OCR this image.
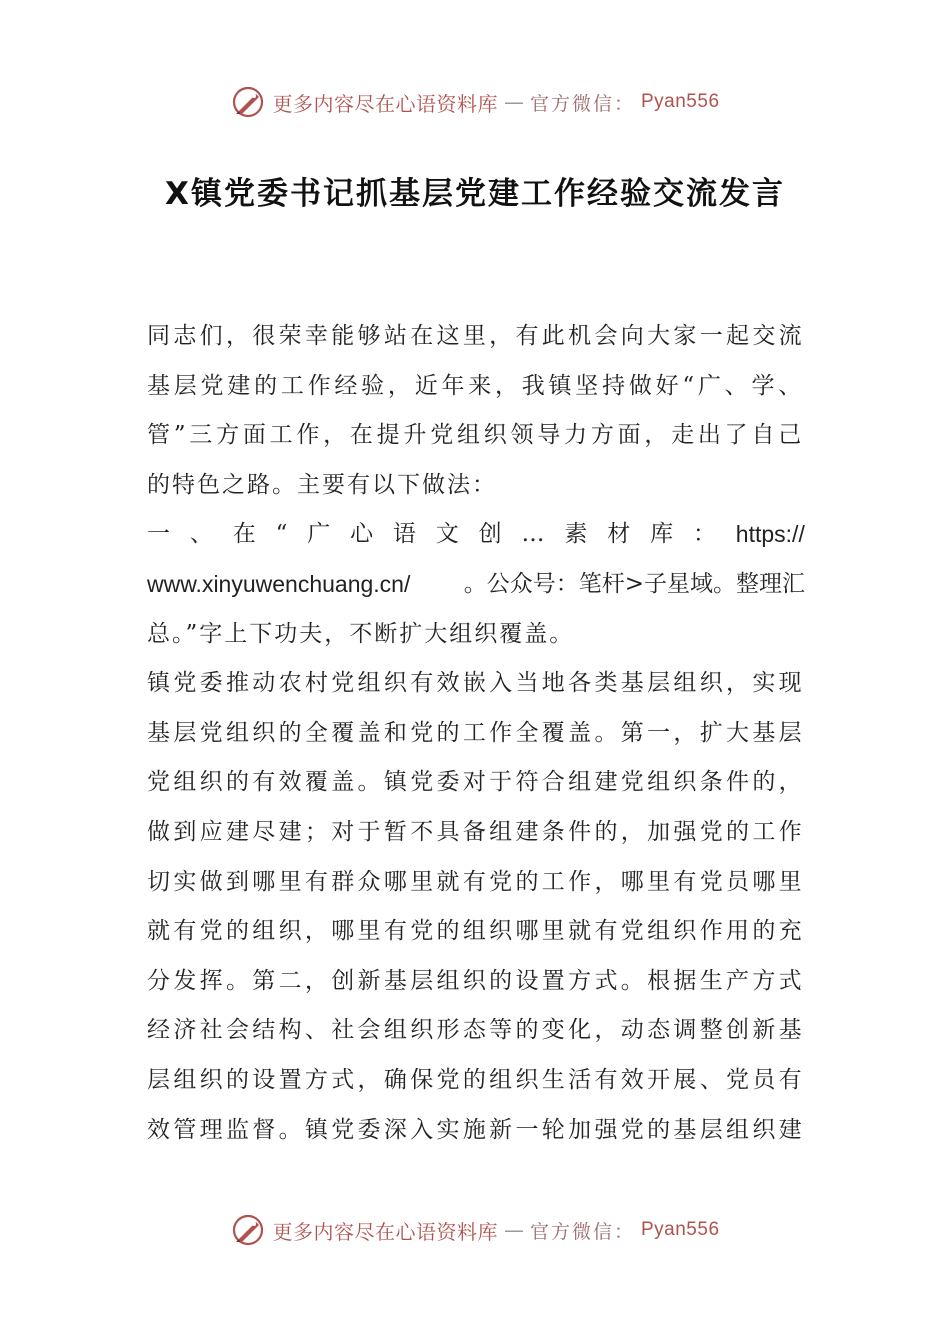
更多内容尽在心语资料库 — 官方微信： Pyan556
X镇党委书记抓基层党建工作经验交流发言
同志们，很荣幸能够站在这里，有此机会向大家一起交流
基层党建的工作经验，近年来，我镇坚持做好“广、学、
管”三方面工作，在提升党组织领导力方面，走出了自己
的特色之路。主要有以下做法：
一 、 在 “ 广 心 语 文 创 … 素 材 库 ： https://
www.xinyuwenchuang.cn/ 。公众号：笔杆>子星域。整理汇
总。”字上下功夫，不断扩大组织覆盖。
镇党委推动农村党组织有效嵌入当地各类基层组织，实现
基层党组织的全覆盖和党的工作全覆盖。第一，扩大基层
党组织的有效覆盖。镇党委对于符合组建党组织条件的，
做到应建尽建；对于暂不具备组建条件的，加强党的工作
切实做到哪里有群众哪里就有党的工作，哪里有党员哪里
就有党的组织，哪里有党的组织哪里就有党组织作用的充
分发挥。第二，创新基层组织的设置方式。根据生产方式
经济社会结构、社会组织形态等的变化，动态调整创新基
层组织的设置方式，确保党的组织生活有效开展、党员有
效管理监督。镇党委深入实施新一轮加强党的基层组织建
更多内容尽在心语资料库 — 官方微信： Pyan556
